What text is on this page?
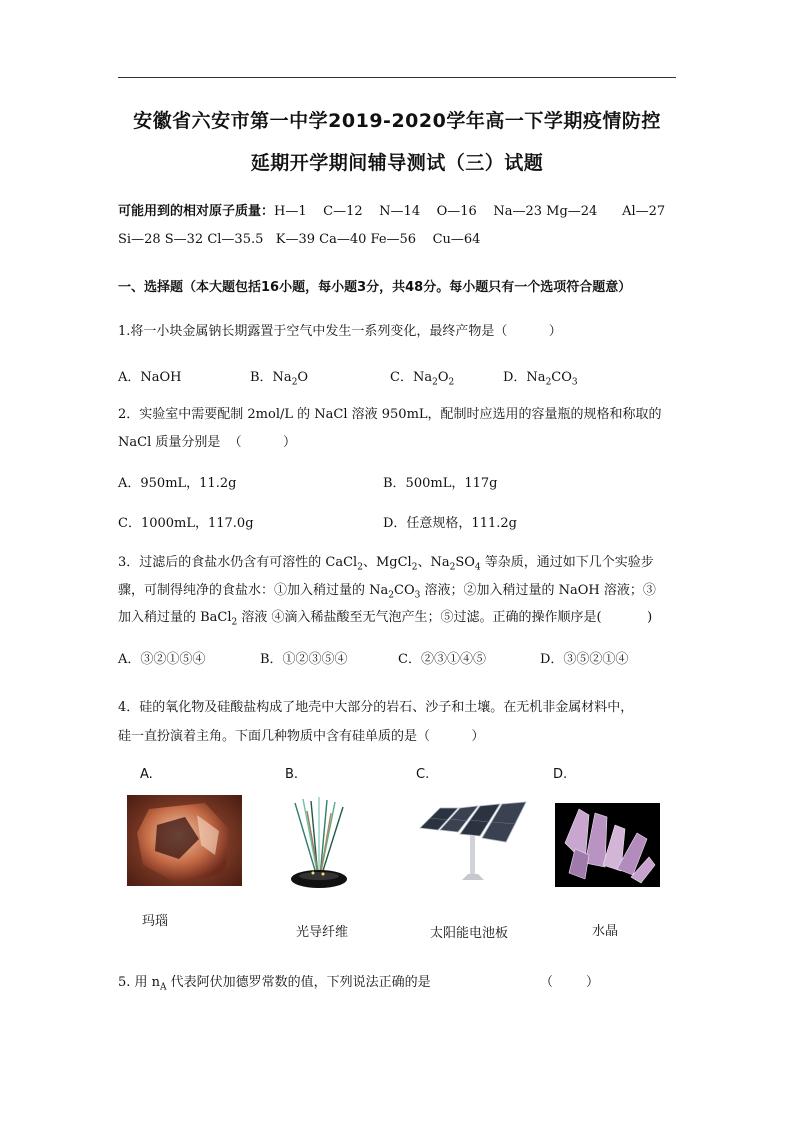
安徽省六安市第一中学2019-2020学年高一下学期疫情防控
延期开学期间辅导测试（三）试题
可能用到的相对原子质量：H—1    C—12    N—14    O—16    Na—23 Mg—24      Al—27
Si—28 S—32 Cl—35.5   K—39 Ca—40 Fe—56    Cu—64
一、选择题（本大题包括16小题，每小题3分，共48分。每小题只有一个选项符合题意）
1.将一小块金属钠长期露置于空气中发生一系列变化，最终产物是（          ）
A．NaOH	B．$Na_2O$	C．$Na_2O_2$	D．$Na_2CO_3$
2．实验室中需要配制 2mol/L 的 NaCl 溶液 950mL，配制时应选用的容量瓶的规格和称取的
NaCl 质量分别是  （          ）
A．950mL，11.2g	B．500mL，117g
C．1000mL，117.0g	D．任意规格，111.2g
3．过滤后的食盐水仍含有可溶性的 CaCl$_2$、MgCl$_2$、$Na_2SO_4$ 等杂质，通过如下几个实验步
骤，可制得纯净的食盐水：①加入稍过量的 $Na_2CO_3$ 溶液；②加入稍过量的 NaOH 溶液；③
加入稍过量的 BaCl$_2$ 溶液 ④滴入稀盐酸至无气泡产生；⑤过滤。正确的操作顺序是(           )
A．③②①⑤④	B．①②③⑤④	C．②③①④⑤	D．③⑤②①④
4．硅的氧化物及硅酸盐构成了地壳中大部分的岩石、沙子和土壤。在无机非金属材料中，
硅一直扮演着主角。下面几种物质中含有硅单质的是（          ）
A.	B.	C.	D.
玛瑙
光导纤维	太阳能电池板	水晶
5. 用 $n_A$ 代表阿伏加德罗常数的值，下列说法正确的是	（        ）
